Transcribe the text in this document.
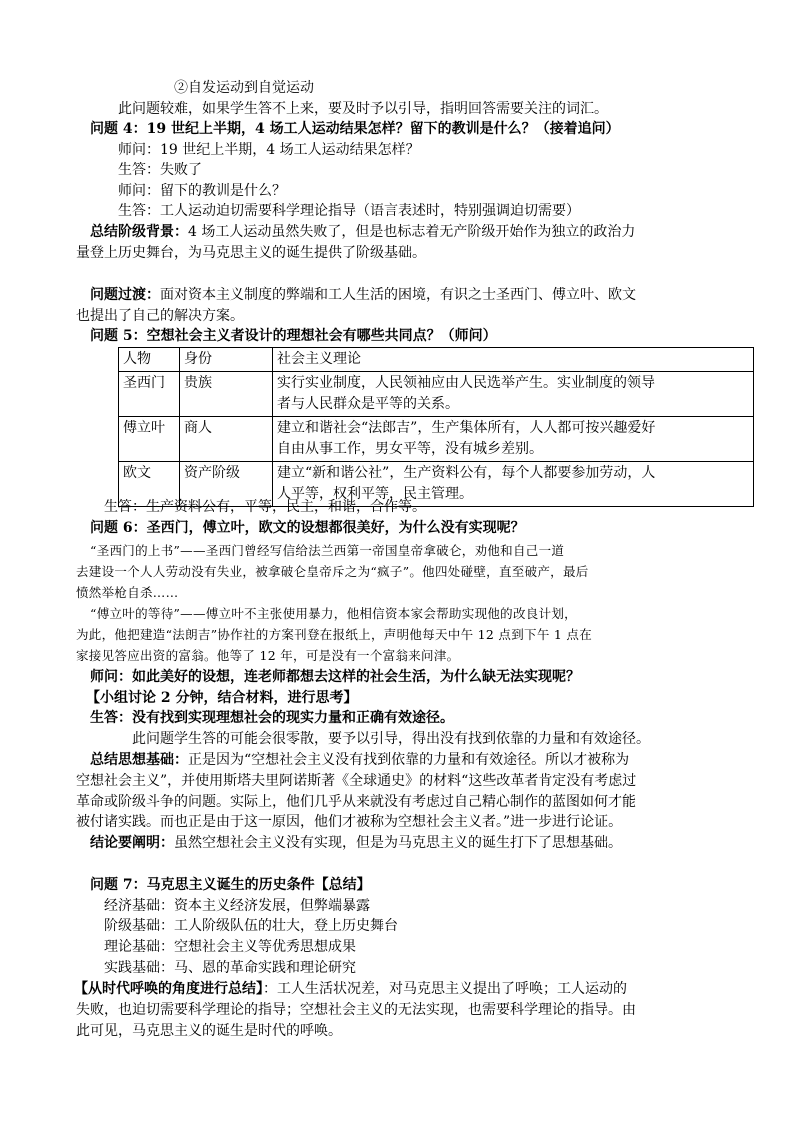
②自发运动到自觉运动
此问题较难，如果学生答不上来，要及时予以引导，指明回答需要关注的词汇。
问题 4：19 世纪上半期，4 场工人运动结果怎样？留下的教训是什么？（接着追问）
师问：19 世纪上半期，4 场工人运动结果怎样？
生答：失败了
师问：留下的教训是什么？
生答：工人运动迫切需要科学理论指导（语言表述时，特别强调迫切需要）
总结阶级背景：4 场工人运动虽然失败了，但是也标志着无产阶级开始作为独立的政治力
量登上历史舞台，为马克思主义的诞生提供了阶级基础。
问题过渡：面对资本主义制度的弊端和工人生活的困境，有识之士圣西门、傅立叶、欧文
也提出了自己的解决方案。
问题 5：空想社会主义者设计的理想社会有哪些共同点？（师问）
人物	身份	社会主义理论
圣西门	贵族	实行实业制度，人民领袖应由人民选举产生。实业制度的领导
者与人民群众是平等的关系。
傅立叶	商人	建立和谐社会“法郎吉”，生产集体所有，人人都可按兴趣爱好
自由从事工作，男女平等，没有城乡差别。
欧文	资产阶级	建立“新和谐公社”，生产资料公有，每个人都要参加劳动，人
人平等，权利平等，民主管理。
生答：生产资料公有，平等，民主，和谐，合作等。
问题 6：圣西门，傅立叶，欧文的设想都很美好，为什么没有实现呢？
“圣西门的上书”——圣西门曾经写信给法兰西第一帝国皇帝拿破仑，劝他和自己一道
去建设一个人人劳动没有失业，被拿破仑皇帝斥之为“疯子”。他四处碰壁，直至破产，最后
愤然举枪自杀……
“傅立叶的等待”——傅立叶不主张使用暴力，他相信资本家会帮助实现他的改良计划，
为此，他把建造“法朗吉”协作社的方案刊登在报纸上，声明他每天中午 12 点到下午 1 点在
家接见答应出资的富翁。他等了 12 年，可是没有一个富翁来问津。
师问：如此美好的设想，连老师都想去这样的社会生活，为什么缺无法实现呢？
【小组讨论 2 分钟，结合材料，进行思考】
生答：没有找到实现理想社会的现实力量和正确有效途径。
此问题学生答的可能会很零散，要予以引导，得出没有找到依靠的力量和有效途径。
总结思想基础：正是因为“空想社会主义没有找到依靠的力量和有效途径。所以才被称为
空想社会主义”，并使用斯塔夫里阿诺斯著《全球通史》的材料“这些改革者肯定没有考虑过
革命或阶级斗争的问题。实际上，他们几乎从来就没有考虑过自己精心制作的蓝图如何才能
被付诸实践。而也正是由于这一原因，他们才被称为空想社会主义者。”进一步进行论证。
结论要阐明：虽然空想社会主义没有实现，但是为马克思主义的诞生打下了思想基础。
问题 7：马克思主义诞生的历史条件【总结】
经济基础：资本主义经济发展，但弊端暴露
阶级基础：工人阶级队伍的壮大，登上历史舞台
理论基础：空想社会主义等优秀思想成果
实践基础：马、恩的革命实践和理论研究
【从时代呼唤的角度进行总结】：工人生活状况差，对马克思主义提出了呼唤；工人运动的
失败，也迫切需要科学理论的指导；空想社会主义的无法实现，也需要科学理论的指导。由
此可见，马克思主义的诞生是时代的呼唤。
